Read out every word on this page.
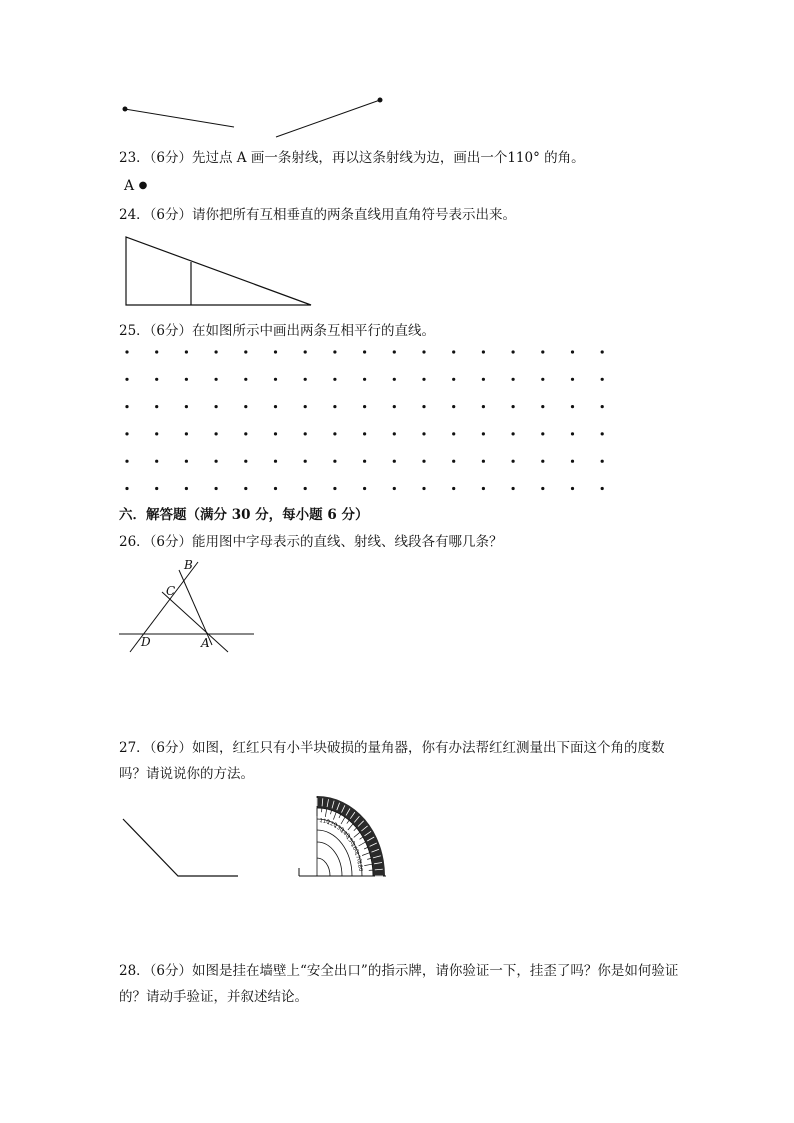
23．（6分）先过点 A 画一条射线，再以这条射线为边，画出一个110° 的角。
A ●
24．（6分）请你把所有互相垂直的两条直线用直角符号表示出来。
25．（6分）在如图所示中画出两条互相平行的直线。
六．解答题（满分 30 分，每小题 6 分）
26．（6分）能用图中字母表示的直线、射线、线段各有哪几条？
B
C
D	A
27．（6分）如图，红红只有小半块破损的量角器，你有办法帮红红测量出下面这个角的度数吗？请说说你的方法。
110
120
130
140
150
160
170
180
28．（6分）如图是挂在墙壁上“安全出口”的指示牌，请你验证一下，挂歪了吗？你是如何验证的？请动手验证，并叙述结论。
